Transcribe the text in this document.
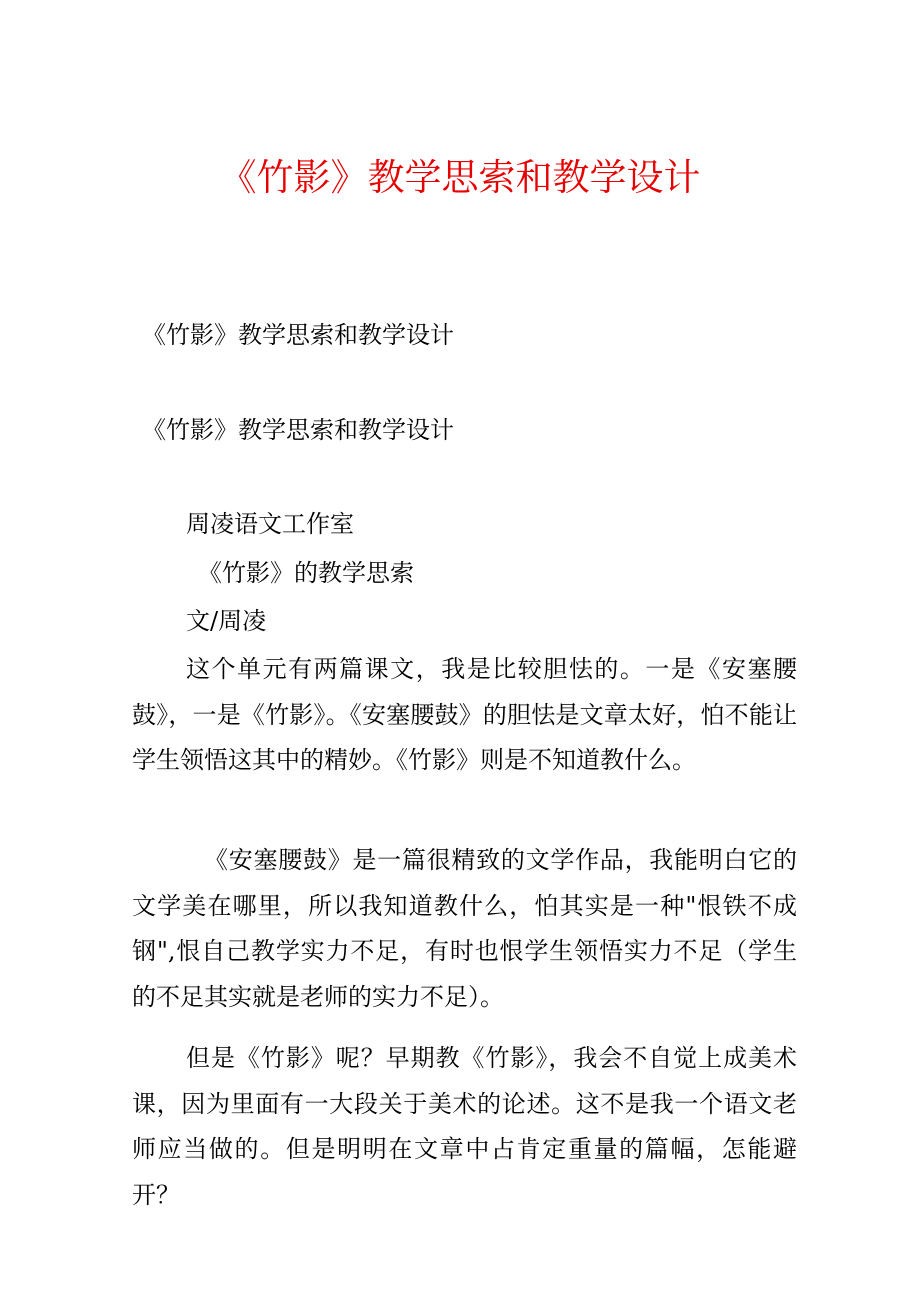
《竹影》教学思索和教学设计

《竹影》教学思索和教学设计

《竹影》教学思索和教学设计

周凌语文工作室

《竹影》的教学思索

文/周凌

这个单元有两篇课文，我是比较胆怯的。一是《安塞腰鼓》，一是《竹影》。《安塞腰鼓》的胆怯是文章太好，怕不能让学生领悟这其中的精妙。《竹影》则是不知道教什么。

《安塞腰鼓》是一篇很精致的文学作品，我能明白它的文学美在哪里，所以我知道教什么，怕其实是一种"恨铁不成钢",恨自己教学实力不足，有时也恨学生领悟实力不足（学生的不足其实就是老师的实力不足）。

但是《竹影》呢？早期教《竹影》，我会不自觉上成美术课，因为里面有一大段关于美术的论述。这不是我一个语文老师应当做的。但是明明在文章中占肯定重量的篇幅，怎能避开？
